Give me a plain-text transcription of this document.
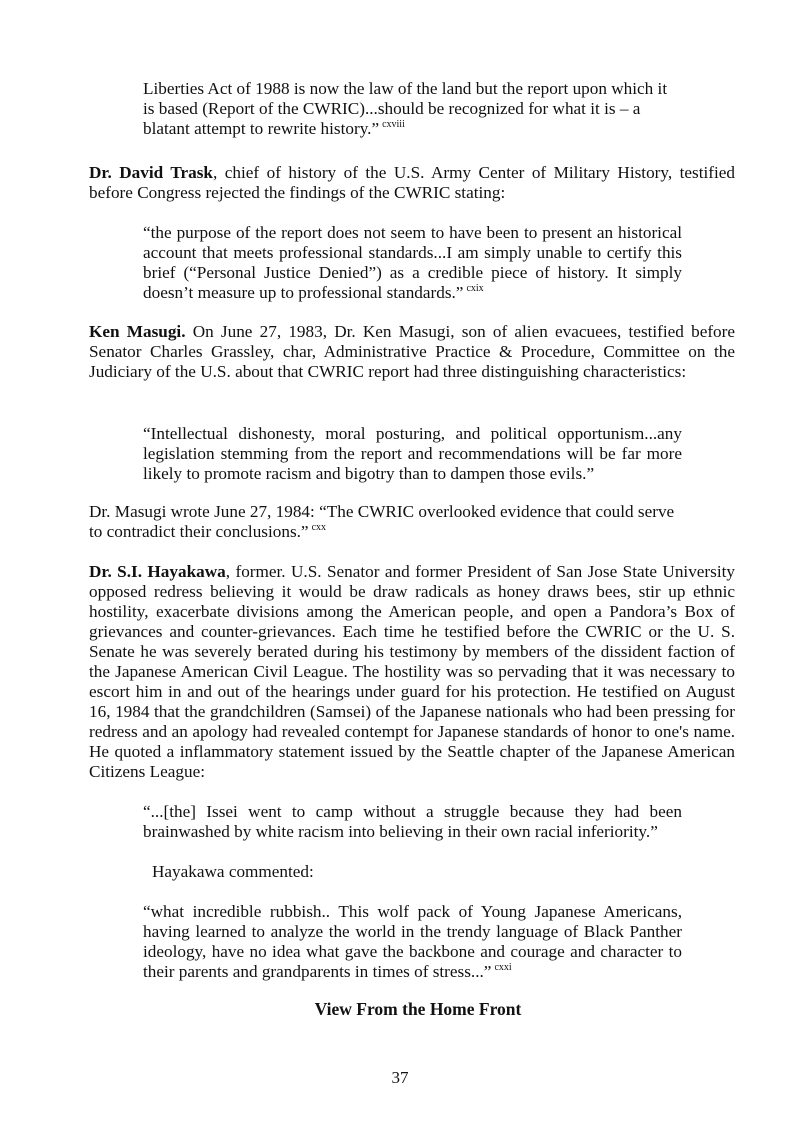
Liberties Act of 1988 is now the law of the land but the report upon which it is based (Report of the CWRIC)...should be recognized for what it is – a blatant attempt to rewrite history.” $^{cxviii}$

Dr. David Trask, chief of history of the U.S. Army Center of Military History, testified before Congress rejected the findings of the CWRIC stating:

“the purpose of the report does not seem to have been to present an historical account that meets professional standards...I am simply unable to certify this brief (“Personal Justice Denied”) as a credible piece of history. It simply doesn’t measure up to professional standards.” $^{cxix}$

Ken Masugi. On June 27, 1983, Dr. Ken Masugi, son of alien evacuees, testified before Senator Charles Grassley, char, Administrative Practice & Procedure, Committee on the Judiciary of the U.S. about that CWRIC report had three distinguishing characteristics:

“Intellectual dishonesty, moral posturing, and political opportunism...any legislation stemming from the report and recommendations will be far more likely to promote racism and bigotry than to dampen those evils.”

Dr. Masugi wrote June 27, 1984: “The CWRIC overlooked evidence that could serve to contradict their conclusions.” $^{cxx}$

Dr. S.I. Hayakawa, former. U.S. Senator and former President of San Jose State University opposed redress believing it would be draw radicals as honey draws bees, stir up ethnic hostility, exacerbate divisions among the American people, and open a Pandora’s Box of grievances and counter-grievances. Each time he testified before the CWRIC or the U. S. Senate he was severely berated during his testimony by members of the dissident faction of the Japanese American Civil League. The hostility was so pervading that it was necessary to escort him in and out of the hearings under guard for his protection. He testified on August 16, 1984 that the grandchildren (Samsei) of the Japanese nationals who had been pressing for redress and an apology had revealed contempt for Japanese standards of honor to one's name. He quoted a inflammatory statement issued by the Seattle chapter of the Japanese American Citizens League:

“...[the] Issei went to camp without a struggle because they had been brainwashed by white racism into believing in their own racial inferiority.”

Hayakawa commented:

“what incredible rubbish.. This wolf pack of Young Japanese Americans, having learned to analyze the world in the trendy language of Black Panther ideology, have no idea what gave the backbone and courage and character to their parents and grandparents in times of stress...” $^{cxxi}$

View From the Home Front
37
